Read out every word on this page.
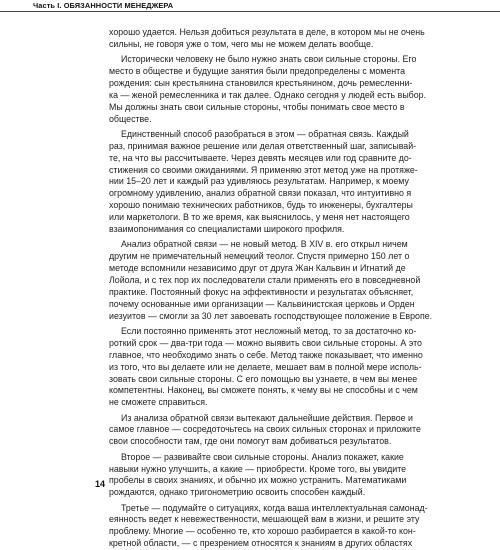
Часть I. ОБЯЗАННОСТИ МЕНЕДЖЕРА
хорошо удается. Нельзя добиться результата в деле, в котором мы не очень
сильны, не говоря уже о том, чего мы не можем делать вообще.
Исторически человеку не было нужно знать свои сильные стороны. Его
место в обществе и будущие занятия были предопределены с момента
рождения: сын крестьянина становился крестьянином, дочь ремесленни-
ка — женой ремесленника и так далее. Однако сегодня у людей есть выбор.
Мы должны знать свои сильные стороны, чтобы понимать свое место в
обществе.
Единственный способ разобраться в этом — обратная связь. Каждый
раз, принимая важное решение или делая ответственный шаг, записывай-
те, на что вы рассчитываете. Через девять месяцев или год сравните до-
стижения со своими ожиданиями. Я применяю этот метод уже на протяже-
нии 15–20 лет и каждый раз удивляюсь результатам. Например, к моему
огромному удивлению, анализ обратной связи показал, что интуитивно я
хорошо понимаю технических работников, будь то инженеры, бухгалтеры
или маркетологи. В то же время, как выяснилось, у меня нет настоящего
взаимопонимания со специалистами широкого профиля.
Анализ обратной связи — не новый метод. В XIV в. его открыл ничем
другим не примечательный немецкий теолог. Спустя примерно 150 лет о
методе вспомнили независимо друг от друга Жан Кальвин и Игнатий де
Лойола, и с тех пор их последователи стали применять его в повседневной
практике. Постоянный фокус на эффективности и результатах объясняет,
почему основанные ими организации — Кальвинистская церковь и Орден
иезуитов — смогли за 30 лет завоевать господствующее положение в Европе.
Если постоянно применять этот несложный метод, то за достаточно ко-
роткий срок — два-три года — можно выявить свои сильные стороны. А это
главное, что необходимо знать о себе. Метод также показывает, что именно
из того, что вы делаете или не делаете, мешает вам в полной мере исполь-
зовать свои сильные стороны. С его помощью вы узнаете, в чем вы менее
компетентны. Наконец, вы сможете понять, к чему вы не способны и с чем
не сможете справиться.
Из анализа обратной связи вытекают дальнейшие действия. Первое и
самое главное — сосредоточьтесь на своих сильных сторонах и приложите
свои способности там, где они помогут вам добиваться результатов.
Второе — развивайте свои сильные стороны. Анализ покажет, какие
навыки нужно улучшить, а какие — приобрести. Кроме того, вы увидите
пробелы в своих знаниях, и обычно их можно устранить. Математиками
рождаются, однако тригонометрию освоить способен каждый.
Третье — подумайте о ситуациях, когда ваша интеллектуальная самонад-
еянность ведет к невежественности, мешающей вам в жизни, и решите эту
проблему. Многие — особенно те, кто хорошо разбирается в какой-то кон-
кретной области, — с презрением относятся к знаниям в других областях
14
